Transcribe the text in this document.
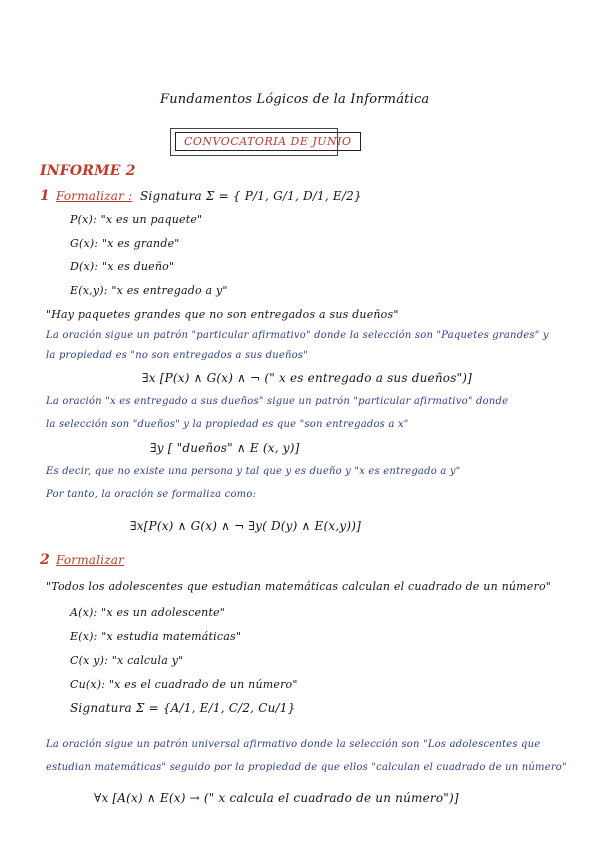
Fundamentos Lógicos de la Informática
CONVOCATORIA DE JUNIO
INFORME 2
1 Formalizar : Signatura Σ = { P/1, G/1, D/1, E/2}
P(x): "x es un paquete"
G(x): "x es grande"
D(x): "x es dueño"
E(x,y): "x es entregado a y"
"Hay paquetes grandes que no son entregados a sus dueños"
La oración sigue un patrón "particular afirmativo" donde la selección son "Paquetes grandes" y
la propiedad es "no son entregados a sus dueños"
∃x [P(x) ∧ G(x) ∧ ¬ (" x es entregado a sus dueños")]
La oración "x es entregado a sus dueños" sigue un patrón "particular afirmativo" donde
la selección son "dueños" y la propiedad es que "son entregados a x"
∃y [ "dueños" ∧ E (x, y)]
Es decir, que no existe una persona y tal que y es dueño y "x es entregado a y"
Por tanto, la oración se formaliza como:
∃x[P(x) ∧ G(x) ∧ ¬ ∃y( D(y) ∧ E(x,y))]
2 Formalizar
"Todos los adolescentes que estudian matemáticas calculan el cuadrado de un número"
A(x): "x es un adolescente"
E(x): "x estudia matemáticas"
C(x y): "x calcula y"
Cu(x): "x es el cuadrado de un número"
Signatura Σ = {A/1, E/1, C/2, Cu/1}
La oración sigue un patrón universal afirmativo donde la selección son "Los adolescentes que
estudian matemáticas" seguido por la propiedad de que ellos "calculan el cuadrado de un número"
∀x [A(x) ∧ E(x) → (" x calcula el cuadrado de un número")]
